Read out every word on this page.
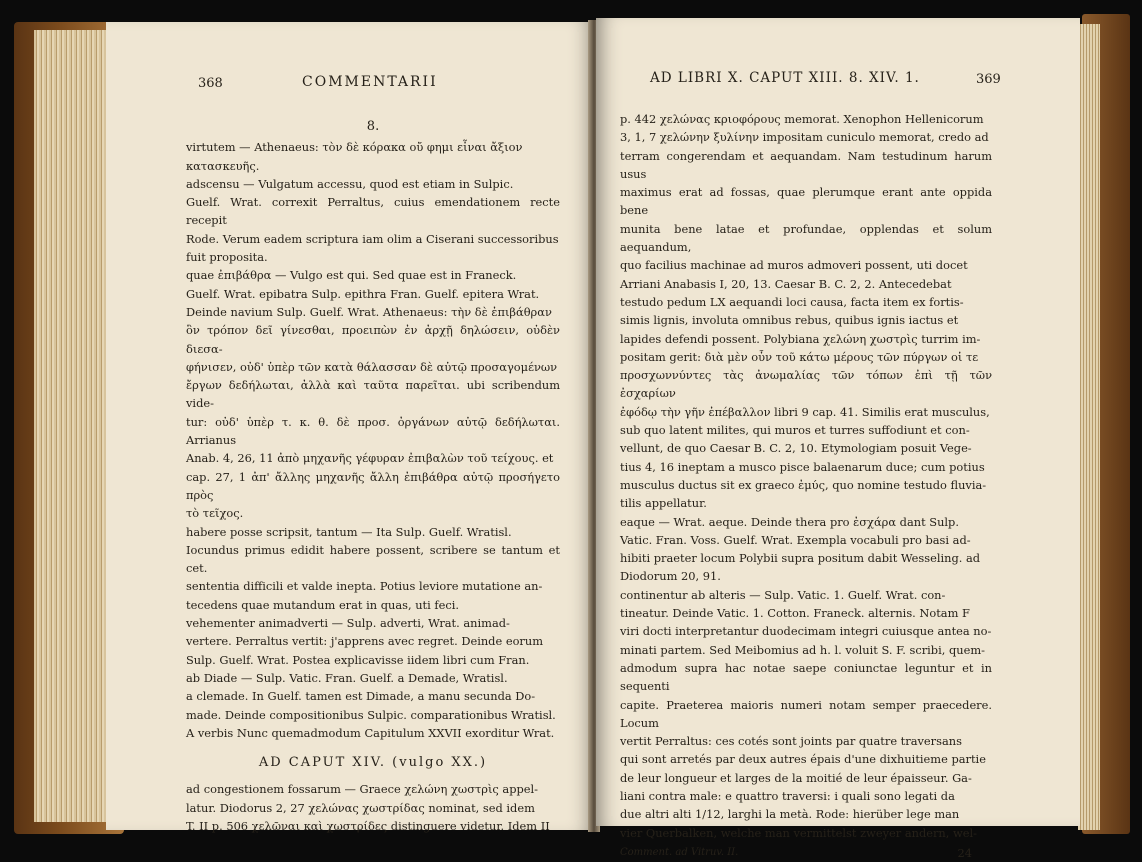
368	COMMENTARII

8.

virtutem — Athenaeus: τὸν δὲ κόρακα οὔ φημι εἶναι ἄξιον

κατασκευῆς.

adscensu — Vulgatum accessu, quod est etiam in Sulpic.

Guelf. Wrat. correxit Perraltus, cuius emendationem recte recepit

Rode. Verum eadem scriptura iam olim a Ciserani successoribus

fuit proposita.

quae ἐπιβάθρα — Vulgo est qui. Sed quae est in Franeck.

Guelf. Wrat. epibatra Sulp. epithra Fran. Guelf. epitera Wrat.

Deinde navium Sulp. Guelf. Wrat. Athenaeus: τὴν δὲ ἐπιβάθραν

ὃν τρόπον δεῖ γίνεσθαι, προειπὼν ἐν ἀρχῇ δηλώσειν, οὐδὲν διεσα-

φήνισεν, οὐδ' ὑπὲρ τῶν κατὰ θάλασσαν δὲ αὐτῷ προσαγομένων

ἔργων δεδήλωται, ἀλλὰ καὶ ταῦτα παρεῖται. ubi scribendum vide-

tur: οὐδ' ὑπὲρ τ. κ. θ. δὲ προσ. ὀργάνων αὐτῷ δεδήλωται. Arrianus

Anab. 4, 26, 11 ἀπὸ μηχανῆς γέφυραν ἐπιβαλὼν τοῦ τείχους. et

cap. 27, 1 ἀπ' ἄλλης μηχανῆς ἄλλη ἐπιβάθρα αὐτῷ προσήγετο πρὸς

τὸ τεῖχος.

habere posse scripsit, tantum — Ita Sulp. Guelf. Wratisl.

Iocundus primus edidit habere possent, scribere se tantum et cet.

sententia difficili et valde inepta. Potius leviore mutatione an-

tecedens quae mutandum erat in quas, uti feci.

vehementer animadverti — Sulp. adverti, Wrat. animad-

vertere. Perraltus vertit: j'apprens avec regret. Deinde eorum

Sulp. Guelf. Wrat. Postea explicavisse iidem libri cum Fran.

ab Diade — Sulp. Vatic. Fran. Guelf. a Demade, Wratisl.

a clemade. In Guelf. tamen est Dimade, a manu secunda Do-

made. Deinde compositionibus Sulpic. comparationibus Wratisl.

A verbis Nunc quemadmodum Capitulum XXVII exorditur Wrat.

AD CAPUT XIV. (vulgo XX.)

ad congestionem fossarum — Graece χελώνη χωστρὶς appel-

latur. Diodorus 2, 27 χελώνας χωστρίδας nominat, sed idem

T. II p. 506 χελῶναι καὶ χωστρίδες distinguere videtur. Idem II

AD LIBRI X. CAPUT XIII. 8. XIV. 1.	369

p. 442 χελώνας κριοφόρους memorat. Xenophon Hellenicorum

3, 1, 7 χελώνην ξυλίνην impositam cuniculo memorat, credo ad

terram congerendam et aequandam. Nam testudinum harum usus

maximus erat ad fossas, quae plerumque erant ante oppida bene

munita bene latae et profundae, opplendas et solum aequandum,

quo facilius machinae ad muros admoveri possent, uti docet

Arriani Anabasis I, 20, 13. Caesar B. C. 2, 2. Antecedebat

testudo pedum LX aequandi loci causa, facta item ex fortis-

simis lignis, involuta omnibus rebus, quibus ignis iactus et

lapides defendi possent. Polybiana χελώνη χωστρὶς turrim im-

positam gerit: διὰ μὲν οὖν τοῦ κάτω μέρους τῶν πύργων οἱ τε

προσχωννύντες τὰς ἀνωμαλίας τῶν τόπων ἐπὶ τῇ τῶν ἐσχαρίων

ἐφόδῳ τὴν γῆν ἐπέβαλλον libri 9 cap. 41. Similis erat musculus,

sub quo latent milites, qui muros et turres suffodiunt et con-

vellunt, de quo Caesar B. C. 2, 10. Etymologiam posuit Vege-

tius 4, 16 ineptam a musco pisce balaenarum duce; cum potius

musculus ductus sit ex graeco ἐμύς, quo nomine testudo fluvia-

tilis appellatur.

eaque — Wrat. aeque. Deinde thera pro ἐσχάρα dant Sulp.

Vatic. Fran. Voss. Guelf. Wrat. Exempla vocabuli pro basi ad-

hibiti praeter locum Polybii supra positum dabit Wesseling. ad

Diodorum 20, 91.

continentur ab alteris — Sulp. Vatic. 1. Guelf. Wrat. con-

tineatur. Deinde Vatic. 1. Cotton. Franeck. alternis. Notam F

viri docti interpretantur duodecimam integri cuiusque antea no-

minati partem. Sed Meibomius ad h. l. voluit S. F. scribi, quem-

admodum supra hac notae saepe coniunctae leguntur et in sequenti

capite. Praeterea maioris numeri notam semper praecedere. Locum

vertit Perraltus: ces cotés sont joints par quatre traversans

qui sont arretés par deux autres épais d'une dixhuitieme partie

de leur longueur et larges de la moitié de leur épaisseur. Ga-

liani contra male: e quattro traversi: i quali sono legati da

due altri alti 1/12, larghi la metà. Rode: hierüber lege man

vier Querbalken, welche man vermittelst zweyer andern, wel-

Comment. ad Vitruv. II.	24
